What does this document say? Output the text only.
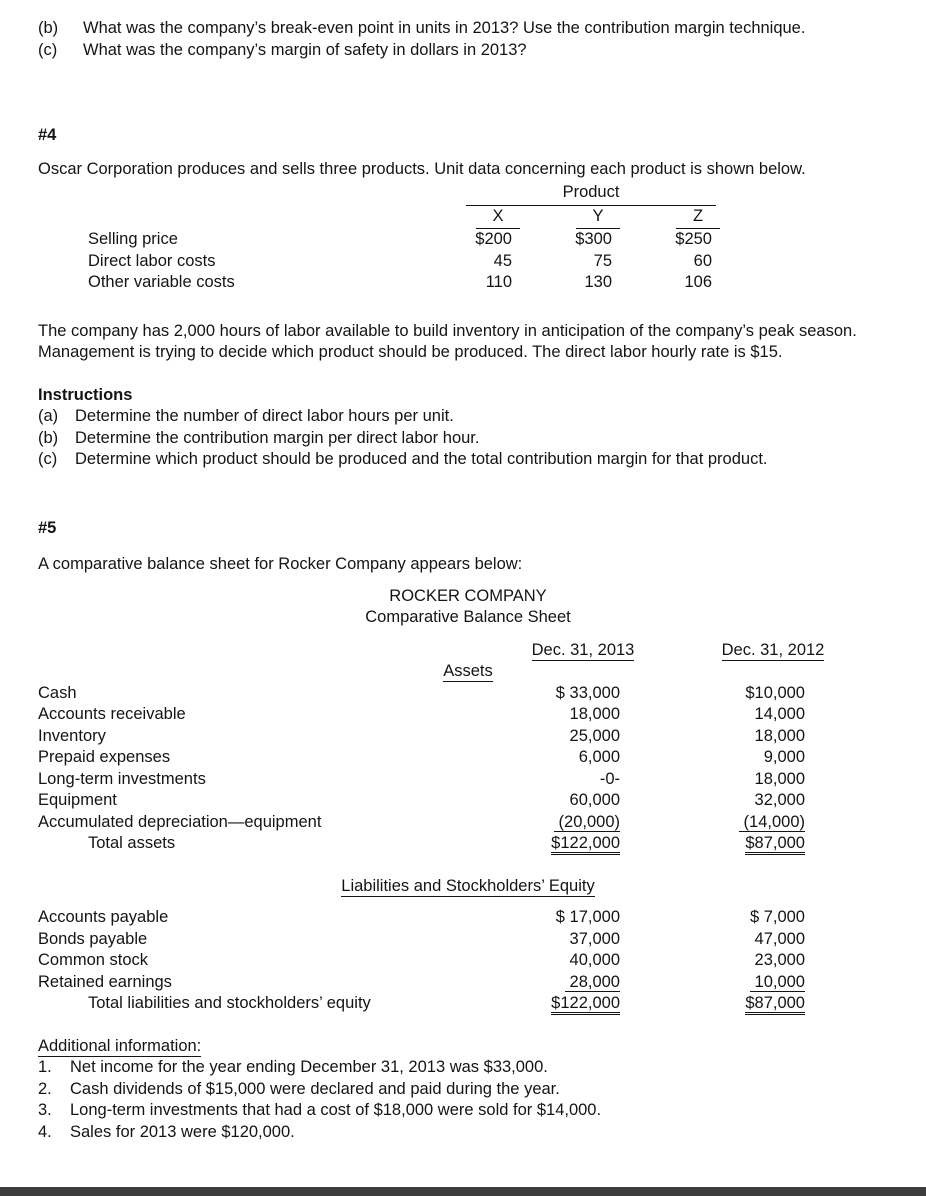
(b)	What was the company’s break-even point in units in 2013? Use the contribution margin technique.
(c)	What was the company’s margin of safety in dollars in 2013?
#4
Oscar Corporation produces and sells three products. Unit data concerning each product is shown below.
Product
X	Y	Z
Selling price	$200	$300	$250
Direct labor costs	45	75	60
Other variable costs	110	130	106
The company has 2,000 hours of labor available to build inventory in anticipation of the company’s peak season. Management is trying to decide which product should be produced. The direct labor hourly rate is $15.
Instructions
(a)	Determine the number of direct labor hours per unit.
(b)	Determine the contribution margin per direct labor hour.
(c)	Determine which product should be produced and the total contribution margin for that product.
#5
A comparative balance sheet for Rocker Company appears below:
ROCKER COMPANY
Comparative Balance Sheet
Dec. 31, 2013	Dec. 31, 2012
Assets
Cash	$ 33,000	$10,000
Accounts receivable	18,000	14,000
Inventory	25,000	18,000
Prepaid expenses	6,000	9,000
Long-term investments	-0-	18,000
Equipment	60,000	32,000
Accumulated depreciation—equipment	(20,000)	(14,000)
Total assets	$122,000	$87,000
Liabilities and Stockholders’ Equity
Accounts payable	$ 17,000	$ 7,000
Bonds payable	37,000	47,000
Common stock	40,000	23,000
Retained earnings	28,000	10,000
Total liabilities and stockholders’ equity	$122,000	$87,000
Additional information:
1.	Net income for the year ending December 31, 2013 was $33,000.
2.	Cash dividends of $15,000 were declared and paid during the year.
3.	Long-term investments that had a cost of $18,000 were sold for $14,000.
4.	Sales for 2013 were $120,000.
